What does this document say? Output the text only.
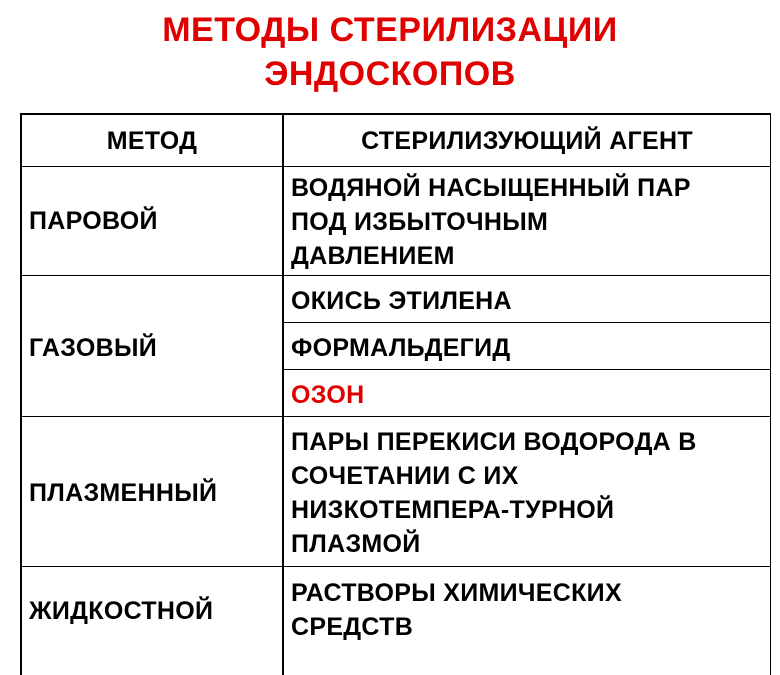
МЕТОДЫ СТЕРИЛИЗАЦИИ
ЭНДОСКОПОВ
МЕТОД	СТЕРИЛИЗУЮЩИЙ АГЕНТ
ПАРОВОЙ
ВОДЯНОЙ НАСЫЩЕННЫЙ ПАР
ПОД ИЗБЫТОЧНЫМ
ДАВЛЕНИЕМ
ГАЗОВЫЙ
ОКИСЬ ЭТИЛЕНА
ФОРМАЛЬДЕГИД
ОЗОН
ПЛАЗМЕННЫЙ
ПАРЫ ПЕРЕКИСИ ВОДОРОДА В
СОЧЕТАНИИ С ИХ
НИЗКОТЕМПЕРА-ТУРНОЙ
ПЛАЗМОЙ
ЖИДКОСТНОЙ
РАСТВОРЫ ХИМИЧЕСКИХ
СРЕДСТВ
